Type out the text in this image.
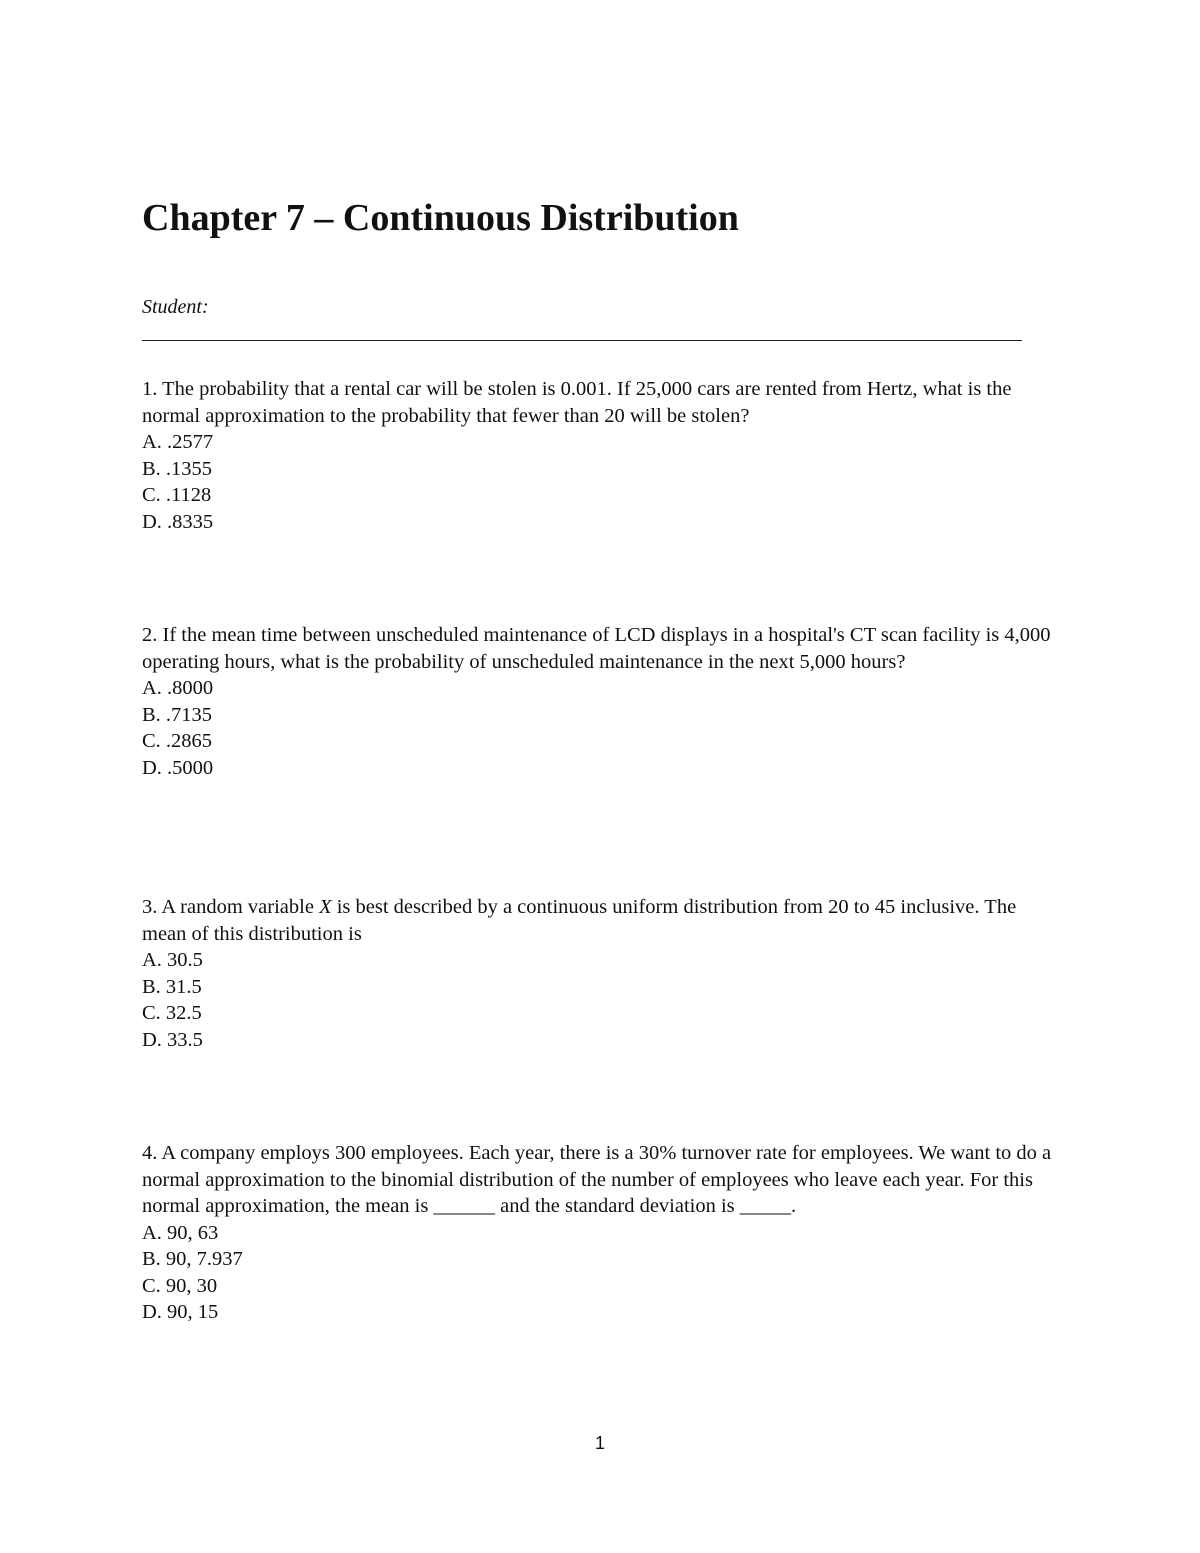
Chapter 7 – Continuous Distribution
Student:

1. The probability that a rental car will be stolen is 0.001. If 25,000 cars are rented from Hertz, what is the normal approximation to the probability that fewer than 20 will be stolen?

A. .2577

B. .1355

C. .1128

D. .8335

2. If the mean time between unscheduled maintenance of LCD displays in a hospital's CT scan facility is 4,000 operating hours, what is the probability of unscheduled maintenance in the next 5,000 hours?

A. .8000

B. .7135

C. .2865

D. .5000

3. A random variable X is best described by a continuous uniform distribution from 20 to 45 inclusive. The mean of this distribution is

A. 30.5

B. 31.5

C. 32.5

D. 33.5

4. A company employs 300 employees. Each year, there is a 30% turnover rate for employees. We want to do a normal approximation to the binomial distribution of the number of employees who leave each year. For this normal approximation, the mean is ______ and the standard deviation is _____.

A. 90, 63

B. 90, 7.937

C. 90, 30

D. 90, 15

1
